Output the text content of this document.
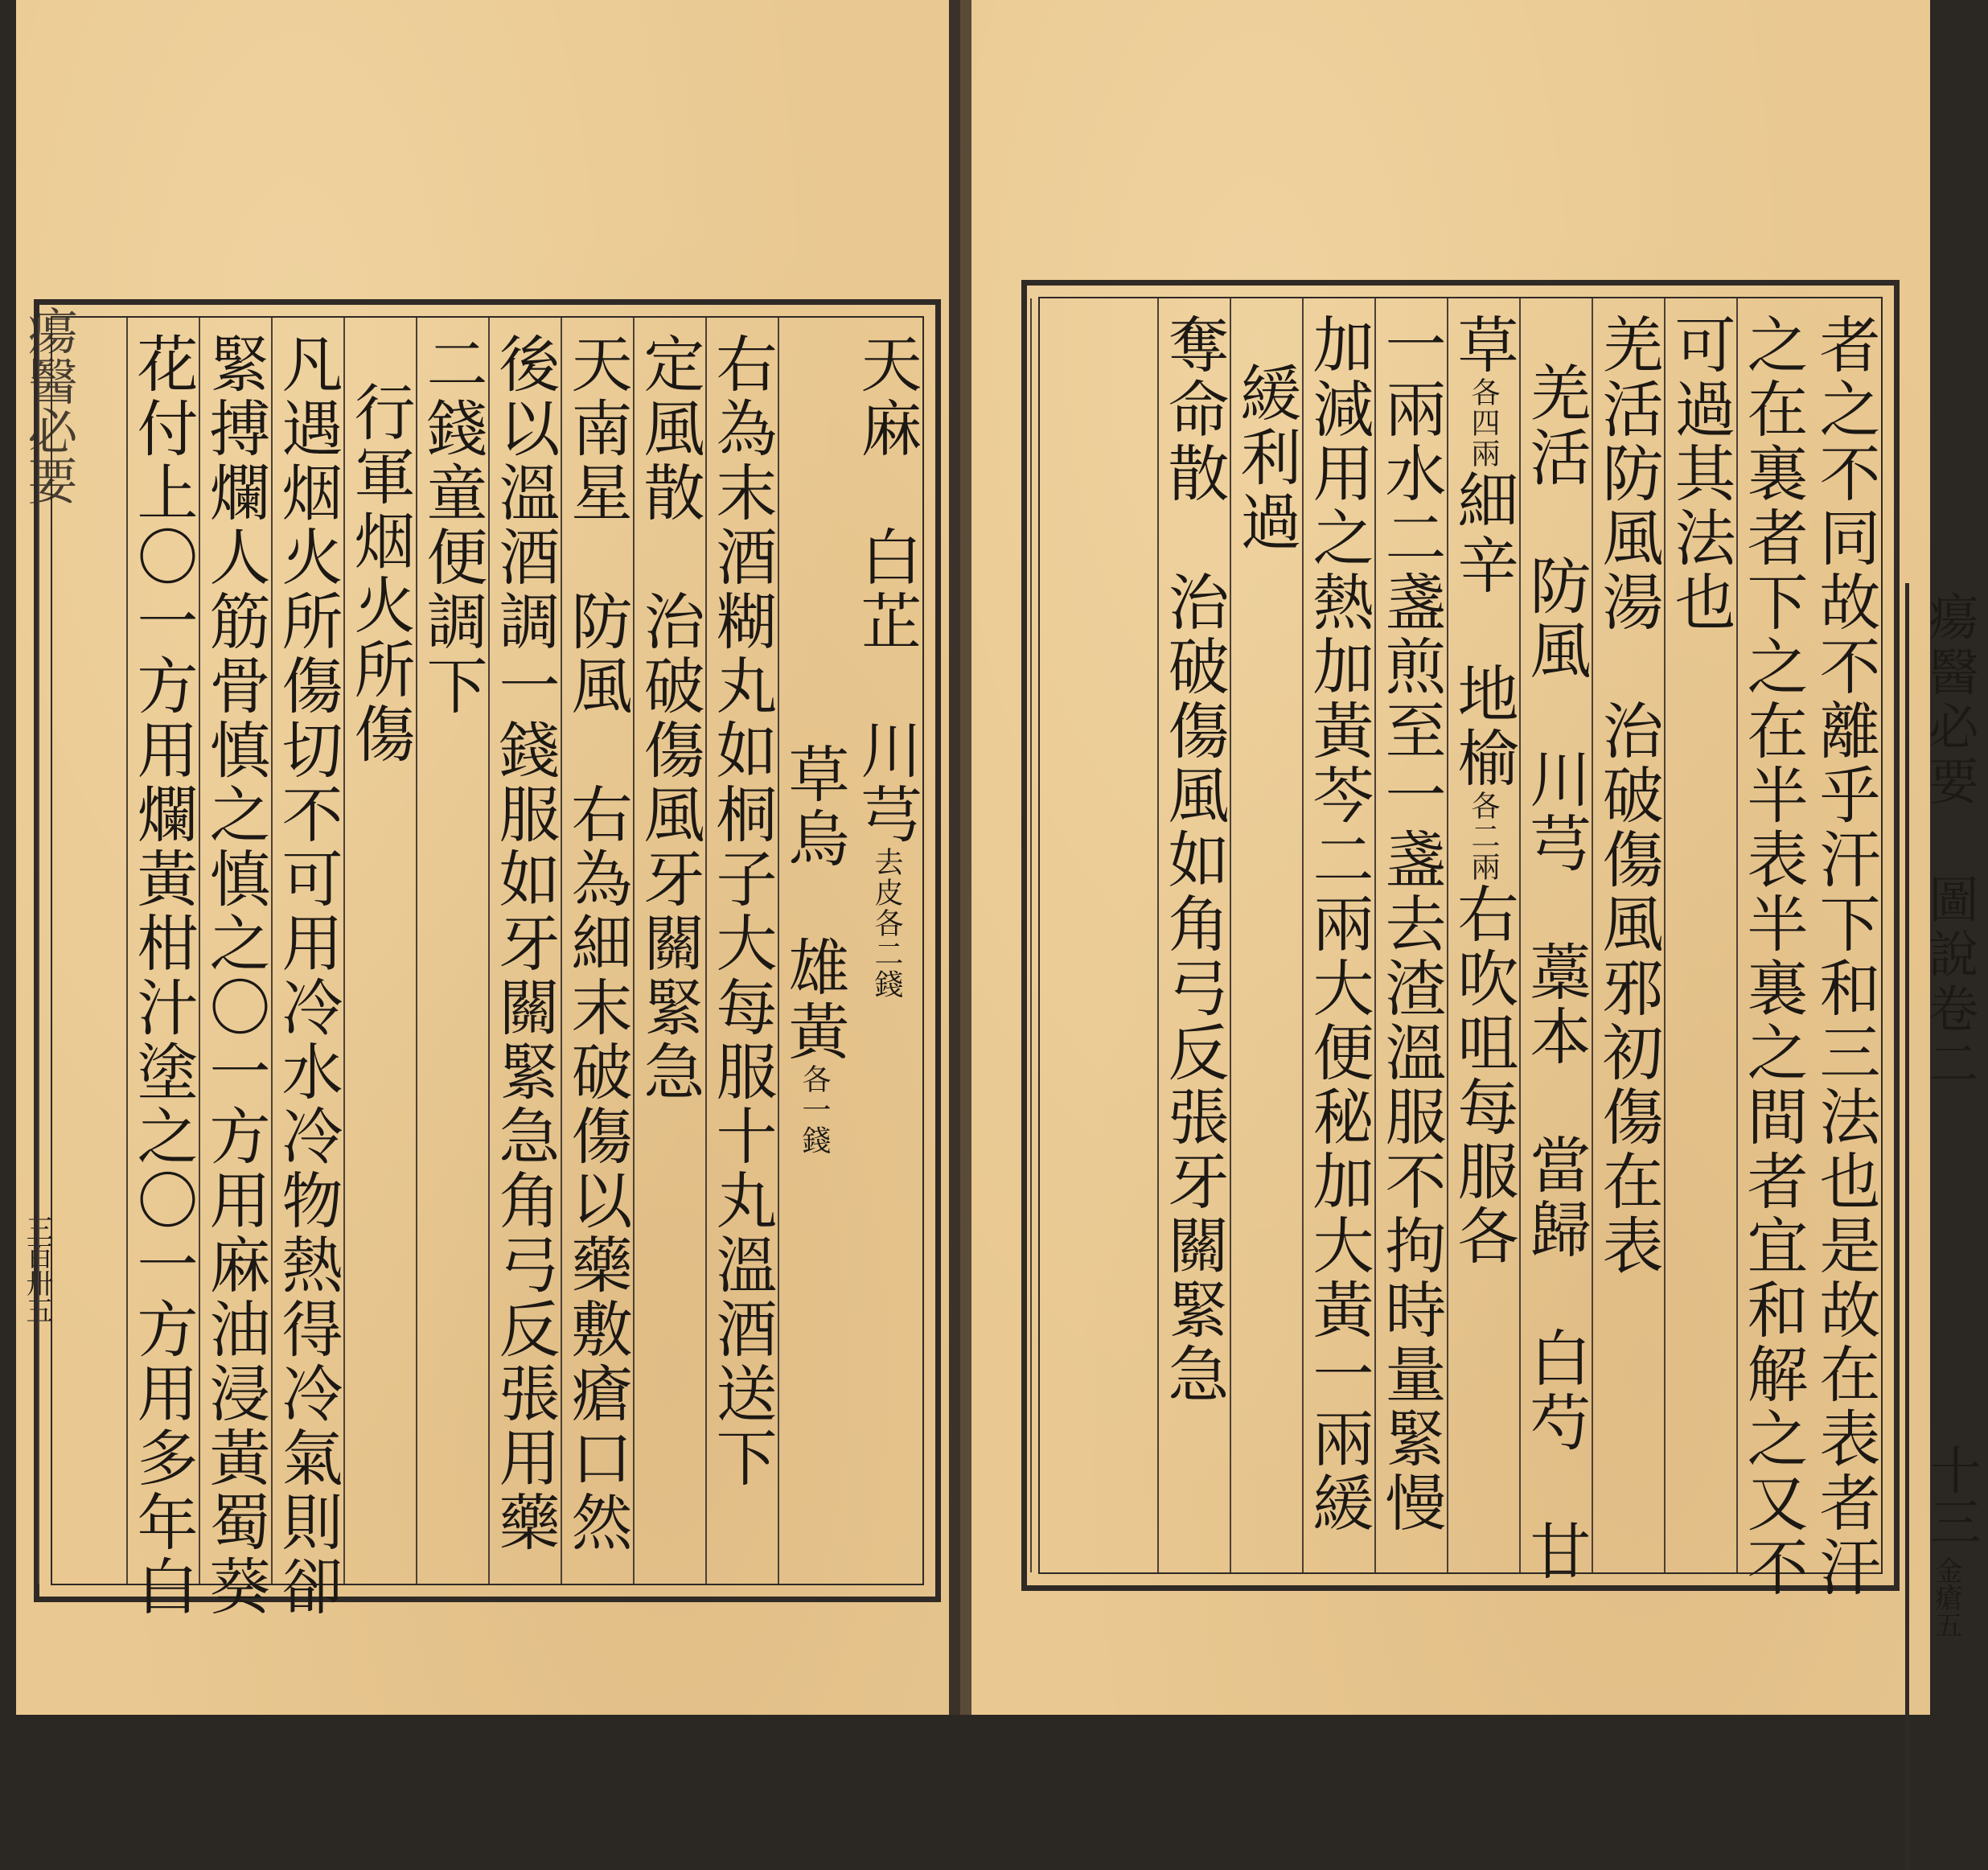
瘍醫必要
三百卅五
天麻　白芷　川芎去皮各二錢
草烏　雄黃各一錢
右為末酒糊丸如桐子大每服十丸溫酒送下
定風散　治破傷風牙關緊急
天南星　防風　右為細末破傷以藥敷瘡口然
後以溫酒調一錢服如牙關緊急角弓反張用藥
二錢童便調下
行軍烟火所傷
凡遇烟火所傷切不可用冷水冷物熱得冷氣則卻
緊搏爛人筋骨慎之慎之〇一方用麻油浸黃蜀葵
花付上〇一方用爛黃柑汁塗之〇一方用多年白	者之不同故不離乎汗下和三法也是故在表者汗
之在裏者下之在半表半裏之間者宜和解之又不
可過其法也
羌活防風湯　治破傷風邪初傷在表
羌活　防風　川芎　藁本　當歸　白芍　甘
草各四兩細辛　地榆各二兩右吹咀每服各
一兩水二盞煎至一盞去渣溫服不拘時量緊慢
加減用之熱加黃芩二兩大便秘加大黃一兩緩
緩利過
奪命散　治破傷風如角弓反張牙關緊急	瘍醫必要 圖說卷二
十三
金瘡五
